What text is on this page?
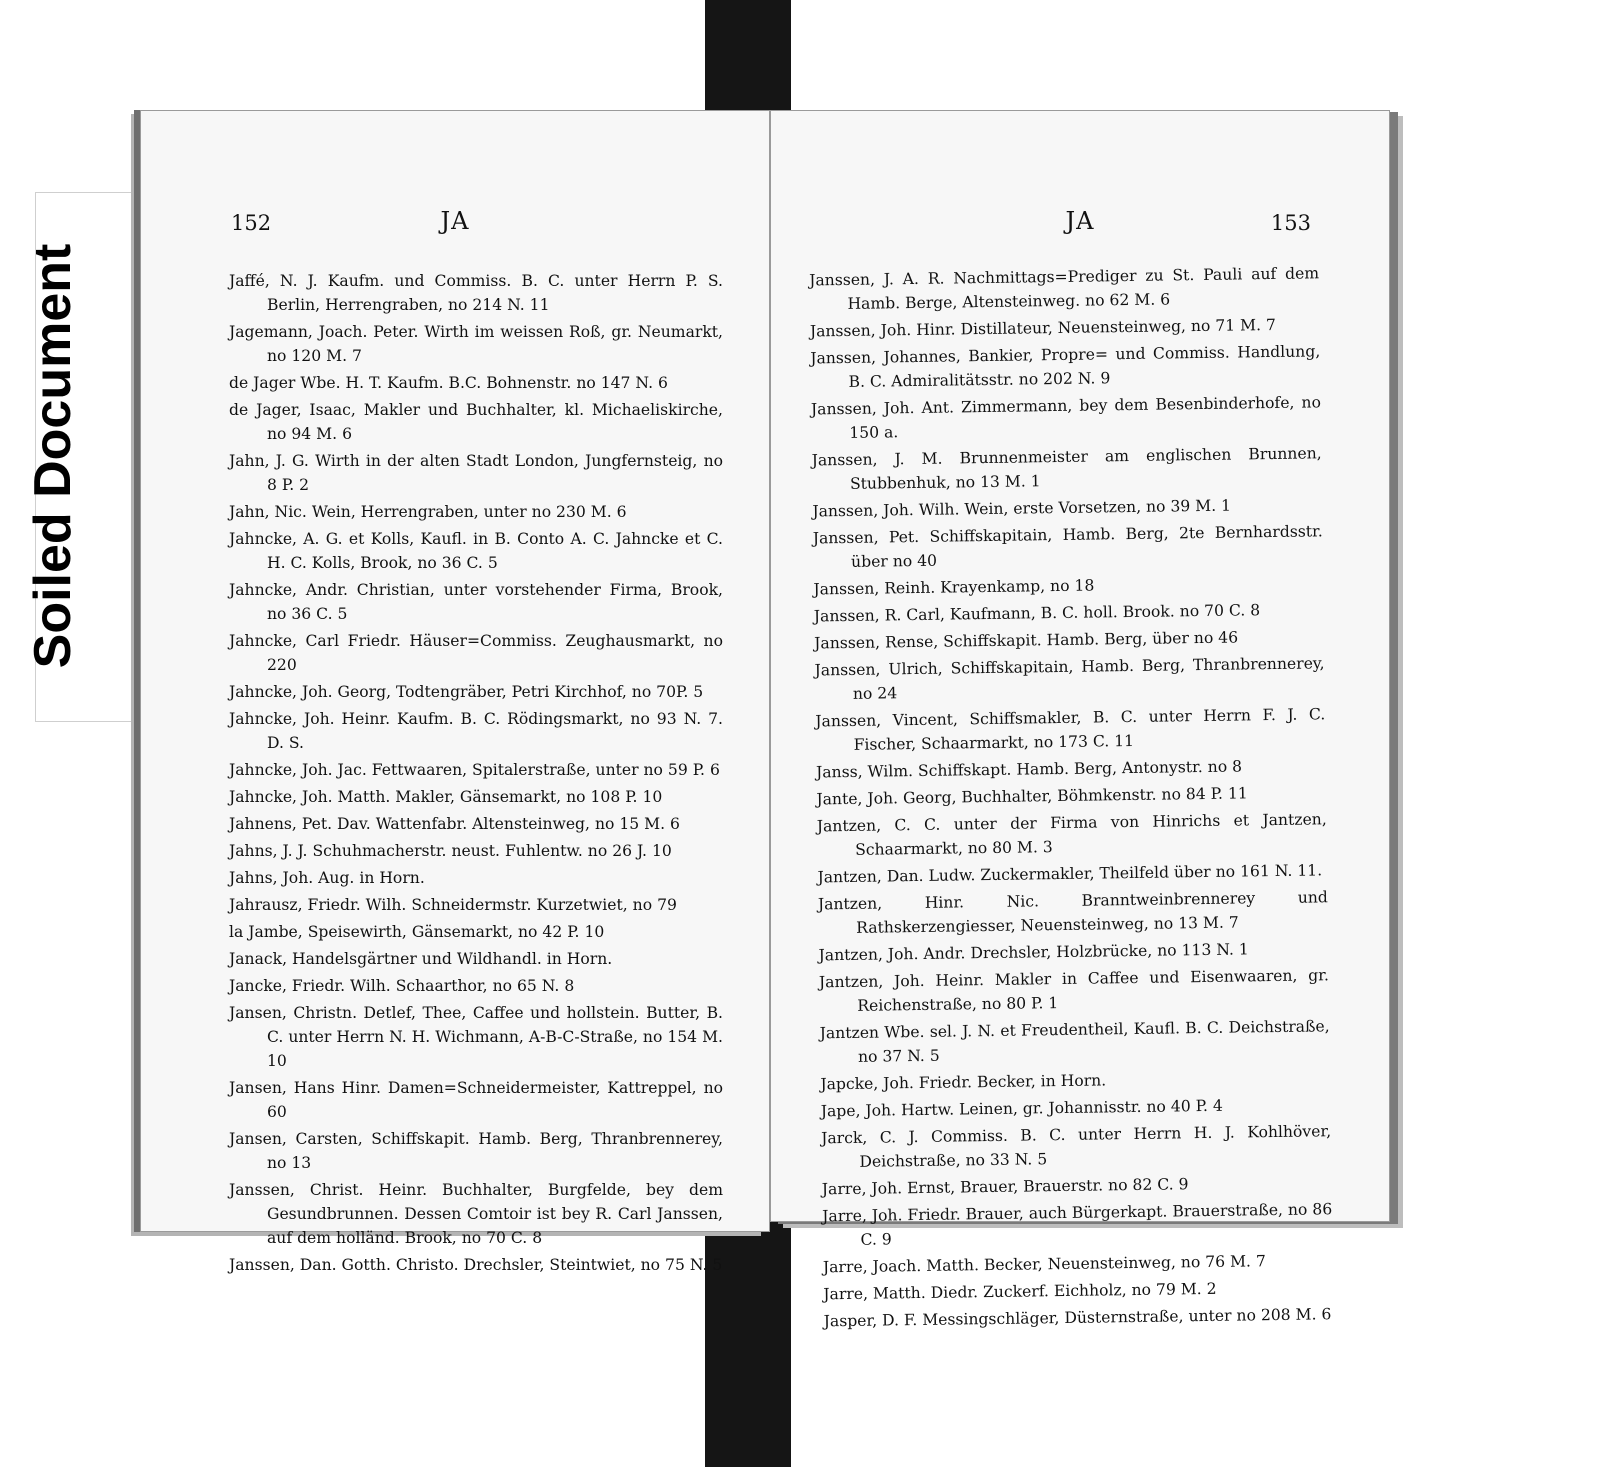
Soiled Document
152	JA
Jaffé, N. J. Kaufm. und Commiss. B. C. unter Herrn P. S. Berlin, Herrengraben, no 214 N. 11
Jagemann, Joach. Peter. Wirth im weissen Roß, gr. Neumarkt, no 120 M. 7
de Jager Wbe. H. T. Kaufm. B.C. Bohnenstr. no 147 N. 6
de Jager, Isaac, Makler und Buchhalter, kl. Michaeliskirche, no 94 M. 6
Jahn, J. G. Wirth in der alten Stadt London, Jungfernsteig, no 8 P. 2
Jahn, Nic. Wein, Herrengraben, unter no 230 M. 6
Jahncke, A. G. et Kolls, Kaufl. in B. Conto A. C. Jahncke et C. H. C. Kolls, Brook, no 36 C. 5
Jahncke, Andr. Christian, unter vorstehender Firma, Brook, no 36 C. 5
Jahncke, Carl Friedr. Häuser=Commiss. Zeughausmarkt, no 220
Jahncke, Joh. Georg, Todtengräber, Petri Kirchhof, no 70P. 5
Jahncke, Joh. Heinr. Kaufm. B. C. Rödingsmarkt, no 93 N. 7. D. S.
Jahncke, Joh. Jac. Fettwaaren, Spitalerstraße, unter no 59 P. 6
Jahncke, Joh. Matth. Makler, Gänsemarkt, no 108 P. 10
Jahnens, Pet. Dav. Wattenfabr. Altensteinweg, no 15 M. 6
Jahns, J. J. Schuhmacherstr. neust. Fuhlentw. no 26 J. 10
Jahns, Joh. Aug. in Horn.
Jahrausz, Friedr. Wilh. Schneidermstr. Kurzetwiet, no 79
la Jambe, Speisewirth, Gänsemarkt, no 42 P. 10
Janack, Handelsgärtner und Wildhandl. in Horn.
Jancke, Friedr. Wilh. Schaarthor, no 65 N. 8
Jansen, Christn. Detlef, Thee, Caffee und hollstein. Butter, B. C. unter Herrn N. H. Wichmann, A-B-C-Straße, no 154 M. 10
Jansen, Hans Hinr. Damen=Schneidermeister, Kattreppel, no 60
Jansen, Carsten, Schiffskapit. Hamb. Berg, Thranbrennerey, no 13
Janssen, Christ. Heinr. Buchhalter, Burgfelde, bey dem Gesundbrunnen. Dessen Comtoir ist bey R. Carl Janssen, auf dem holländ. Brook, no 70 C. 8
Janssen, Dan. Gotth. Christo. Drechsler, Steintwiet, no 75 N. 5
JA	153
Janssen, J. A. R. Nachmittags=Prediger zu St. Pauli auf dem Hamb. Berge, Altensteinweg. no 62 M. 6
Janssen, Joh. Hinr. Distillateur, Neuensteinweg, no 71 M. 7
Janssen, Johannes, Bankier, Propre= und Commiss. Handlung, B. C. Admiralitätsstr. no 202 N. 9
Janssen, Joh. Ant. Zimmermann, bey dem Besenbinderhofe, no 150 a.
Janssen, J. M. Brunnenmeister am englischen Brunnen, Stubbenhuk, no 13 M. 1
Janssen, Joh. Wilh. Wein, erste Vorsetzen, no 39 M. 1
Janssen, Pet. Schiffskapitain, Hamb. Berg, 2te Bernhardsstr. über no 40
Janssen, Reinh. Krayenkamp, no 18
Janssen, R. Carl, Kaufmann, B. C. holl. Brook. no 70 C. 8
Janssen, Rense, Schiffskapit. Hamb. Berg, über no 46
Janssen, Ulrich, Schiffskapitain, Hamb. Berg, Thranbrennerey, no 24
Janssen, Vincent, Schiffsmakler, B. C. unter Herrn F. J. C. Fischer, Schaarmarkt, no 173 C. 11
Janss, Wilm. Schiffskapt. Hamb. Berg, Antonystr. no 8
Jante, Joh. Georg, Buchhalter, Böhmkenstr. no 84 P. 11
Jantzen, C. C. unter der Firma von Hinrichs et Jantzen, Schaarmarkt, no 80 M. 3
Jantzen, Dan. Ludw. Zuckermakler, Theilfeld über no 161 N. 11.
Jantzen, Hinr. Nic. Branntweinbrennerey und Rathskerzengiesser, Neuensteinweg, no 13 M. 7
Jantzen, Joh. Andr. Drechsler, Holzbrücke, no 113 N. 1
Jantzen, Joh. Heinr. Makler in Caffee und Eisenwaaren, gr. Reichenstraße, no 80 P. 1
Jantzen Wbe. sel. J. N. et Freudentheil, Kaufl. B. C. Deichstraße, no 37 N. 5
Japcke, Joh. Friedr. Becker, in Horn.
Jape, Joh. Hartw. Leinen, gr. Johannisstr. no 40 P. 4
Jarck, C. J. Commiss. B. C. unter Herrn H. J. Kohlhöver, Deichstraße, no 33 N. 5
Jarre, Joh. Ernst, Brauer, Brauerstr. no 82 C. 9
Jarre, Joh. Friedr. Brauer, auch Bürgerkapt. Brauerstraße, no 86 C. 9
Jarre, Joach. Matth. Becker, Neuensteinweg, no 76 M. 7
Jarre, Matth. Diedr. Zuckerf. Eichholz, no 79 M. 2
Jasper, D. F. Messingschläger, Düsternstraße, unter no 208 M. 6
